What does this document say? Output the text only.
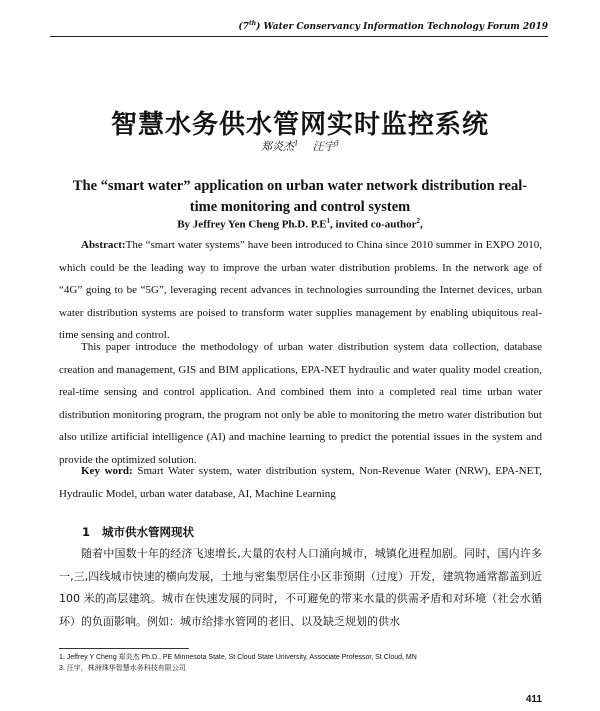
(7th) Water Conservancy Information Technology Forum 2019
智慧水务供水管网实时监控系统
郑炎杰$^1$ 汪宇$^3$
The “smart water” application on urban water network distribution real-time monitoring and control system
By Jeffrey Yen Cheng Ph.D. $P.E^1$, invited co-author$^2$,

Abstract:The “smart water systems” have been introduced to China since 2010 summer in EXPO 2010, which could be the leading way to improve the urban water distribution problems. In the network age of “4G” going to be “5G”, leveraging recent advances in technologies surrounding the Internet devices, urban water distribution systems are poised to transform water supplies management by enabling ubiquitous real-time sensing and control.

This paper introduce the methodology of urban water distribution system data collection, database creation and management, GIS and BIM applications, EPA-NET hydraulic and water quality model creation, real-time sensing and control application. And combined them into a completed real time urban water distribution monitoring program, the program not only be able to monitoring the metro water distribution but also utilize artificial intelligence (AI) and machine learning to predict the potential issues in the system and provide the optimized solution.

Key word: Smart Water system, water distribution system, Non-Revenue Water (NRW), EPA-NET, Hydraulic Model, urban water database, AI, Machine Learning

1 城市供水管网现状

随着中国数十年的经济飞速增长,大量的农村人口涌向城市，城镇化进程加剧。同时，国内许多一,三,四线城市快速的横向发展，土地与密集型居住小区非预期（过度）开发，建筑物通常都盖到近 100 米的高层建筑。城市在快速发展的同时，不可避免的带来水量的供需矛盾和对环境（社会水循环）的负面影响。例如：城市给排水管网的老旧、以及缺乏规划的供水

1. Jeffrey Y Cheng 郑炎杰 Ph.D., PE Minnesota State, St Cloud State University, Associate Professor, St Cloud, MN
3. 汪宇，株洲珠华智慧水务科技有限公司
411
